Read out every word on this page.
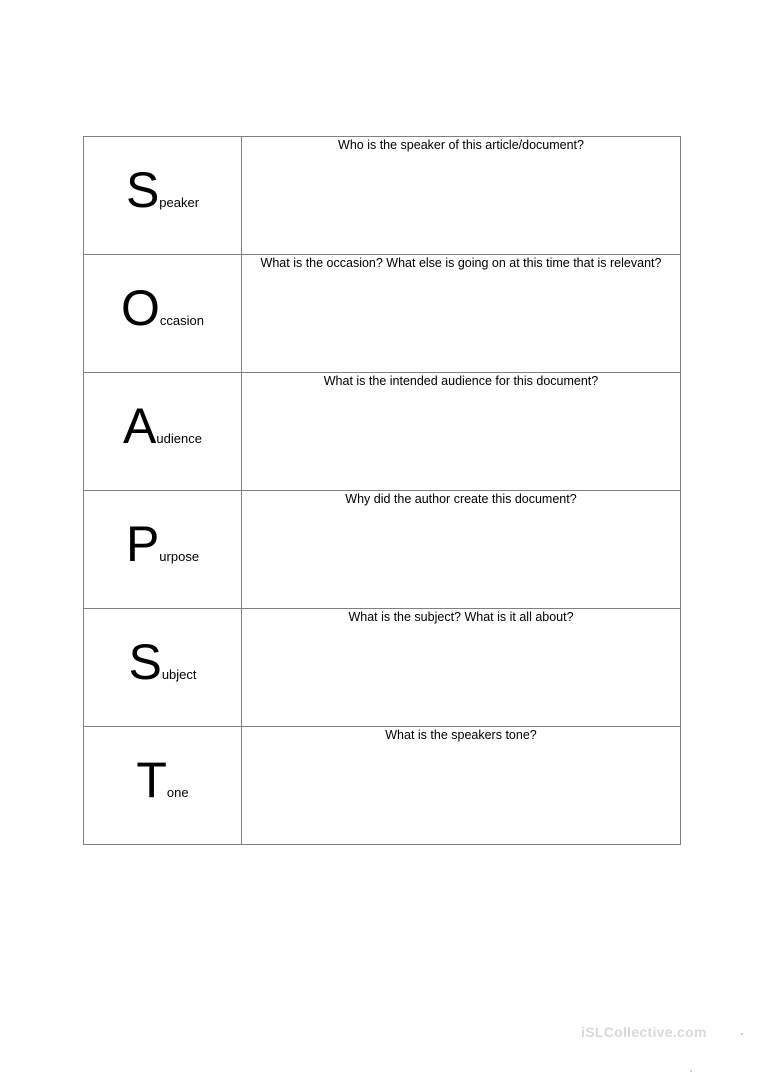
Speaker	Who is the speaker of this article/document?

Occasion	What is the occasion? What else is going on at this time that is relevant?

Audience	What is the intended audience for this document?

Purpose	Why did the author create this document?

Subject	What is the subject? What is it all about?

Tone	What is the speakers tone?
iSLCollective.com
